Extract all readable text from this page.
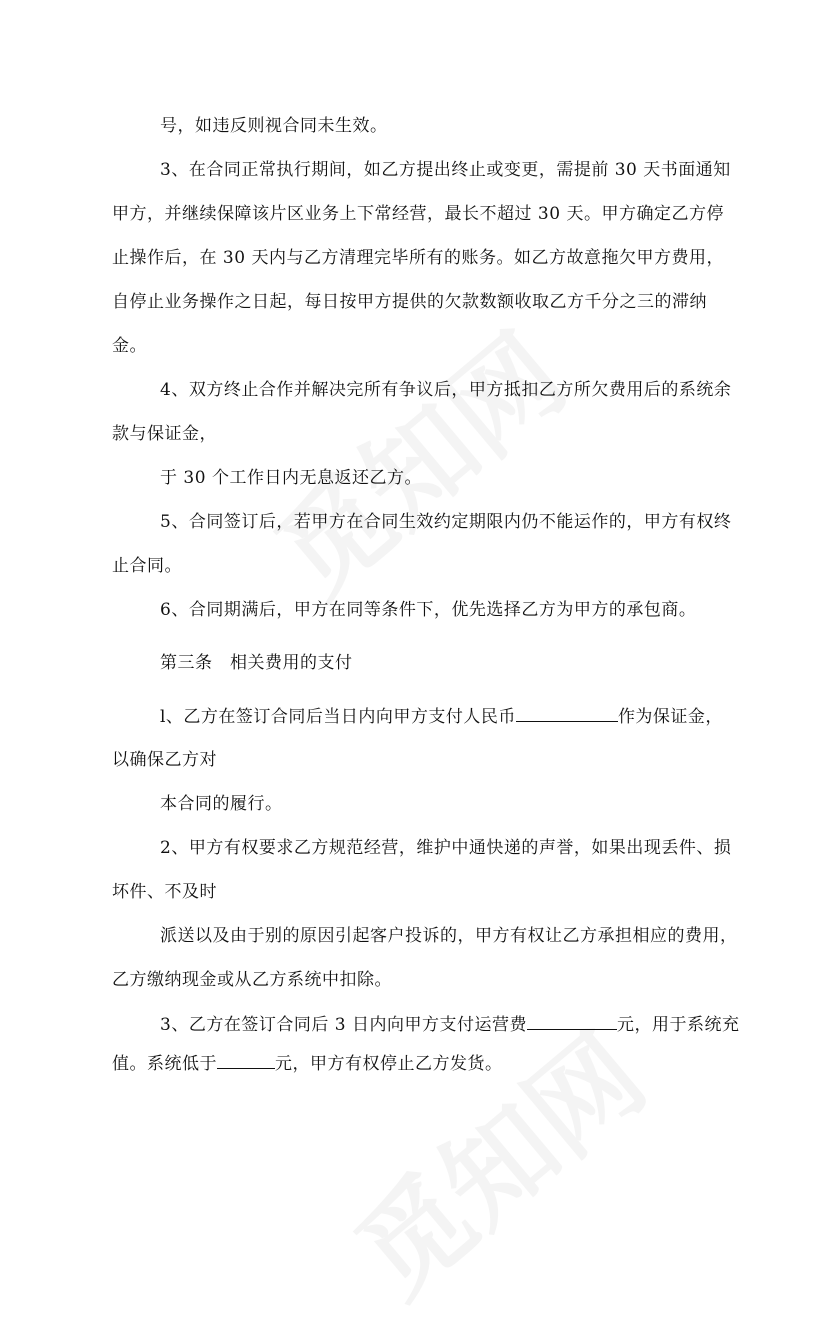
号，如违反则视合同未生效。
3、在合同正常执行期间，如乙方提出终止或变更，需提前 30 天书面通知
甲方，并继续保障该片区业务上下常经营，最长不超过 30 天。甲方确定乙方停
止操作后，在 30 天内与乙方清理完毕所有的账务。如乙方故意拖欠甲方费用，
自停止业务操作之日起，每日按甲方提供的欠款数额收取乙方千分之三的滞纳
金。
4、双方终止合作并解决完所有争议后，甲方抵扣乙方所欠费用后的系统余
款与保证金，
于 30 个工作日内无息返还乙方。
5、合同签订后，若甲方在合同生效约定期限内仍不能运作的，甲方有权终
止合同。
6、合同期满后，甲方在同等条件下，优先选择乙方为甲方的承包商。
第三条　相关费用的支付
l、乙方在签订合同后当日内向甲方支付人民币	作为保证金，
以确保乙方对
本合同的履行。
2、甲方有权要求乙方规范经营，维护中通快递的声誉，如果出现丢件、损
坏件、不及时
派送以及由于别的原因引起客户投诉的，甲方有权让乙方承担相应的费用，
乙方缴纳现金或从乙方系统中扣除。
3、乙方在签订合同后 3 日内向甲方支付运营费	元，用于系统充
值。系统低于	元，甲方有权停止乙方发货。
